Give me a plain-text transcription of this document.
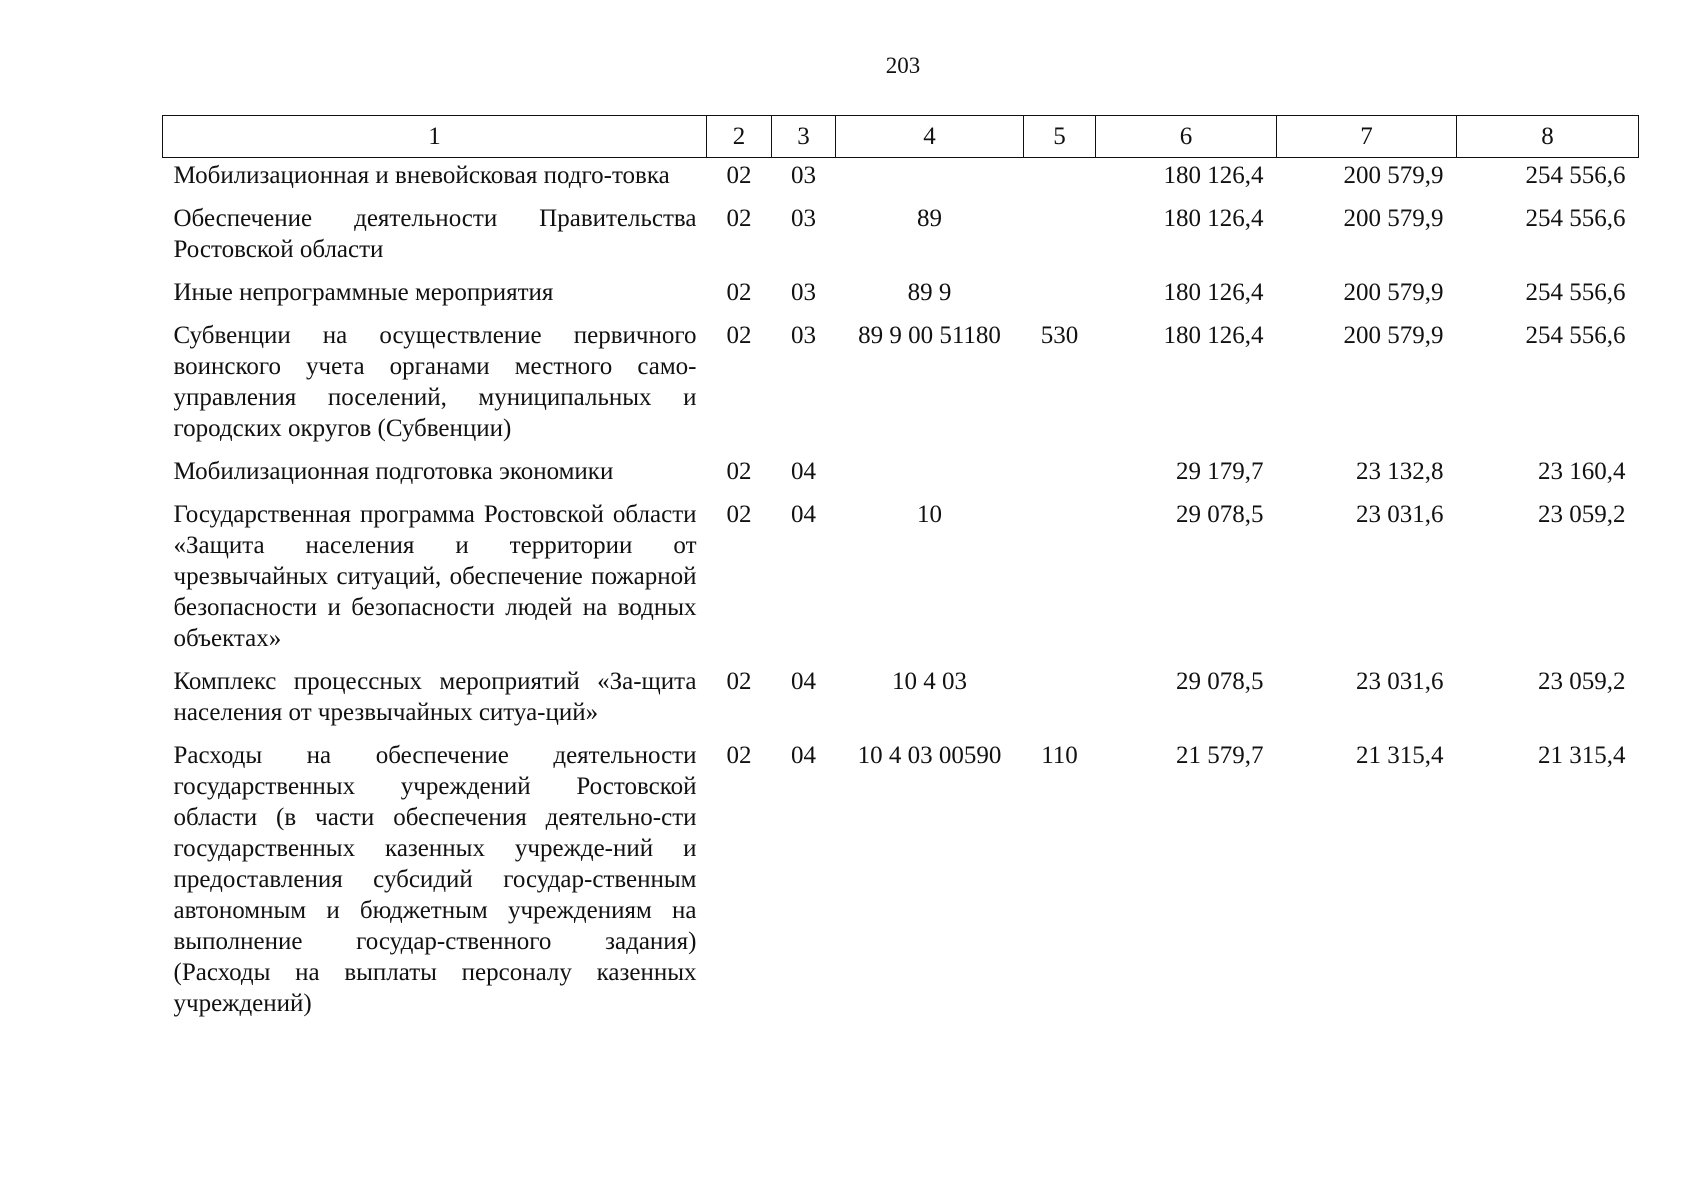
203
1	2	3	4	5	6	7	8
Мобилизационная и вневойсковая подго-товка	02	03			180 126,4	200 579,9	254 556,6
Обеспечение деятельности Правительства Ростовской области	02	03	89		180 126,4	200 579,9	254 556,6
Иные непрограммные мероприятия	02	03	89 9		180 126,4	200 579,9	254 556,6
Субвенции на осуществление первичного воинского учета органами местного само-управления поселений, муниципальных и городских округов (Субвенции)	02	03	89 9 00 51180	530	180 126,4	200 579,9	254 556,6
Мобилизационная подготовка экономики	02	04			29 179,7	23 132,8	23 160,4
Государственная программа Ростовской области «Защита населения и территории от чрезвычайных ситуаций, обеспечение пожарной безопасности и безопасности людей на водных объектах»	02	04	10		29 078,5	23 031,6	23 059,2
Комплекс процессных мероприятий «За-щита населения от чрезвычайных ситуа-ций»	02	04	10 4 03		29 078,5	23 031,6	23 059,2
Расходы на обеспечение деятельности государственных учреждений Ростовской области (в части обеспечения деятельно-сти государственных казенных учрежде-ний и предоставления субсидий государ-ственным автономным и бюджетным учреждениям на выполнение государ-ственного задания) (Расходы на выплаты персоналу казенных учреждений)	02	04	10 4 03 00590	110	21 579,7	21 315,4	21 315,4
